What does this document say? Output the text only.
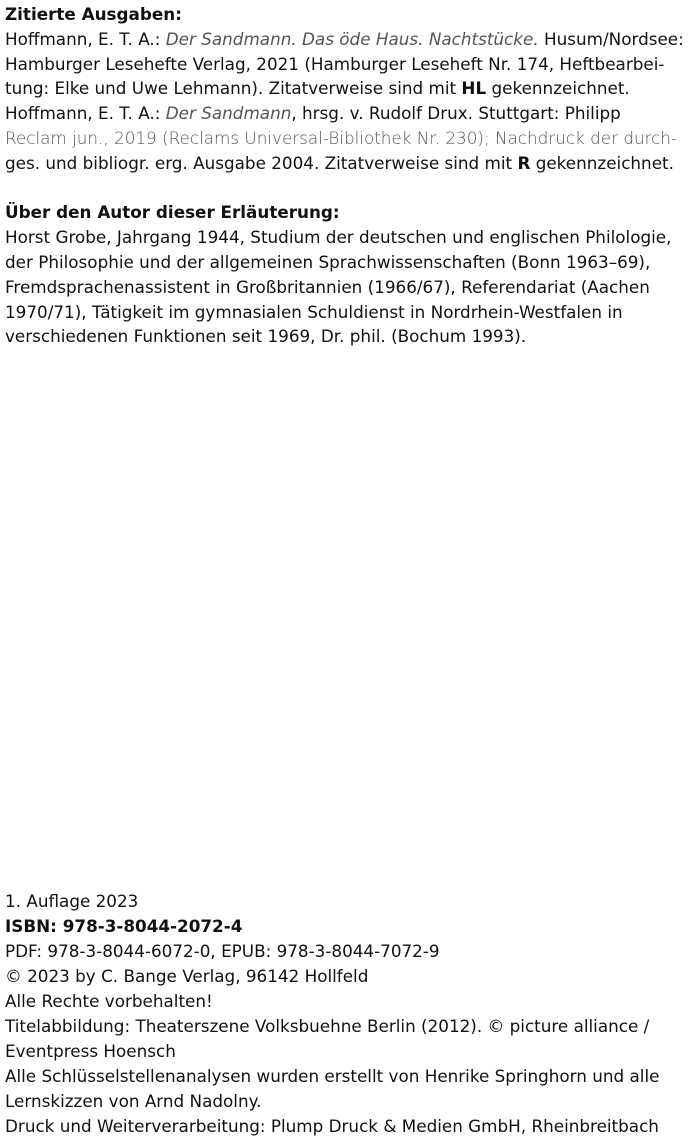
Zitierte Ausgaben:
Hoffmann, E. T. A.: Der Sandmann. Das öde Haus. Nachtstücke. Husum/Nordsee:
Hamburger Lesehefte Verlag, 2021 (Hamburger Leseheft Nr. 174, Heftbearbei-
tung: Elke und Uwe Lehmann). Zitatverweise sind mit HL gekennzeichnet.
Hoffmann, E. T. A.: Der Sandmann, hrsg. v. Rudolf Drux. Stuttgart: Philipp
Reclam jun., 2019 (Reclams Universal-Bibliothek Nr. 230); Nachdruck der durch-
ges. und bibliogr. erg. Ausgabe 2004. Zitatverweise sind mit R gekennzeichnet.
Über den Autor dieser Erläuterung:
Horst Grobe, Jahrgang 1944, Studium der deutschen und englischen Philologie,
der Philosophie und der allgemeinen Sprachwissenschaften (Bonn 1963–69),
Fremdsprachenassistent in Großbritannien (1966/67), Referendariat (Aachen
1970/71), Tätigkeit im gymnasialen Schuldienst in Nordrhein-Westfalen in
verschiedenen Funktionen seit 1969, Dr. phil. (Bochum 1993).
1. Auflage 2023
ISBN: 978-3-8044-2072-4
PDF: 978-3-8044-6072-0, EPUB: 978-3-8044-7072-9
© 2023 by C. Bange Verlag, 96142 Hollfeld
Alle Rechte vorbehalten!
Titelabbildung: Theaterszene Volksbuehne Berlin (2012). © picture alliance /
Eventpress Hoensch
Alle Schlüsselstellenanalysen wurden erstellt von Henrike Springhorn und alle
Lernskizzen von Arnd Nadolny.
Druck und Weiterverarbeitung: Plump Druck & Medien GmbH, Rheinbreitbach
